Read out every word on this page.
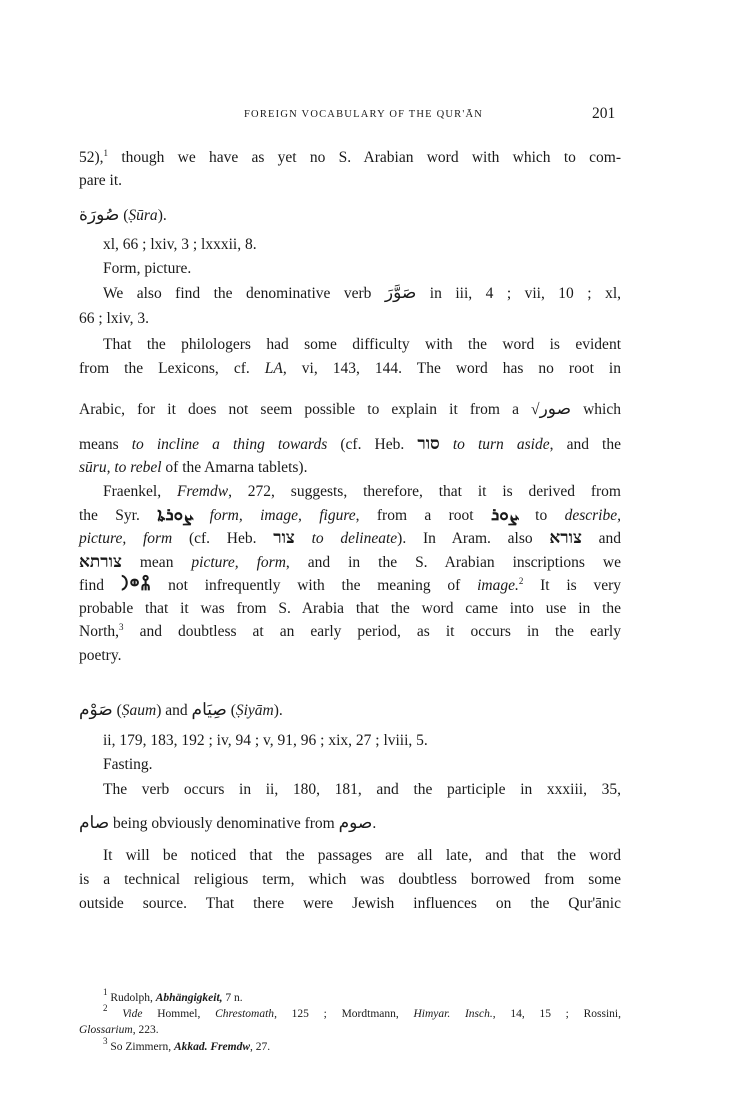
FOREIGN VOCABULARY OF THE QUR'ĀN	201
52),$^1$ though we have as yet no S. Arabian word with which to com-
pare it.
صُورَة (Ṣūra).
xl, 66 ; lxiv, 3 ; lxxxii, 8.
Form, picture.
We also find the denominative verb صَوَّرَ in iii, 4 ; vii, 10 ; xl,
66 ; lxiv, 3.
That the philologers had some difficulty with the word is evident
from the Lexicons, cf. LA, vi, 143, 144. The word has no root in
Arabic, for it does not seem possible to explain it from a √صور which
means to incline a thing towards (cf. Heb. סור to turn aside, and the
sūru, to rebel of the Amarna tablets).
Fraenkel, Fremdw, 272, suggests, therefore, that it is derived from
the Syr. ܨܘܪܬܐ form, image, figure, from a root ܨܘܪ to describe,
picture, form (cf. Heb. צור to delineate). In Aram. also צורא and
צורתא mean picture, form, and in the S. Arabian inscriptions we
find 𐩮𐩥𐩧 not infrequently with the meaning of image.$^2$ It is very
probable that it was from S. Arabia that the word came into use in the
North,$^3$ and doubtless at an early period, as it occurs in the early
poetry.
صَوْم (Ṣaum) and صِيَام (Ṣiyām).
ii, 179, 183, 192 ; iv, 94 ; v, 91, 96 ; xix, 27 ; lviii, 5.
Fasting.
The verb occurs in ii, 180, 181, and the participle in xxxiii, 35,
صام being obviously denominative from صوم.
It will be noticed that the passages are all late, and that the word
is a technical religious term, which was doubtless borrowed from some
outside source. That there were Jewish influences on the Qur'ānic
$^1$ Rudolph, Abhängigkeit, 7 n.
$^2$ Vide Hommel, Chrestomath, 125 ; Mordtmann, Himyar. Insch., 14, 15 ; Rossini,
Glossarium, 223.
$^3$ So Zimmern, Akkad. Fremdw, 27.
